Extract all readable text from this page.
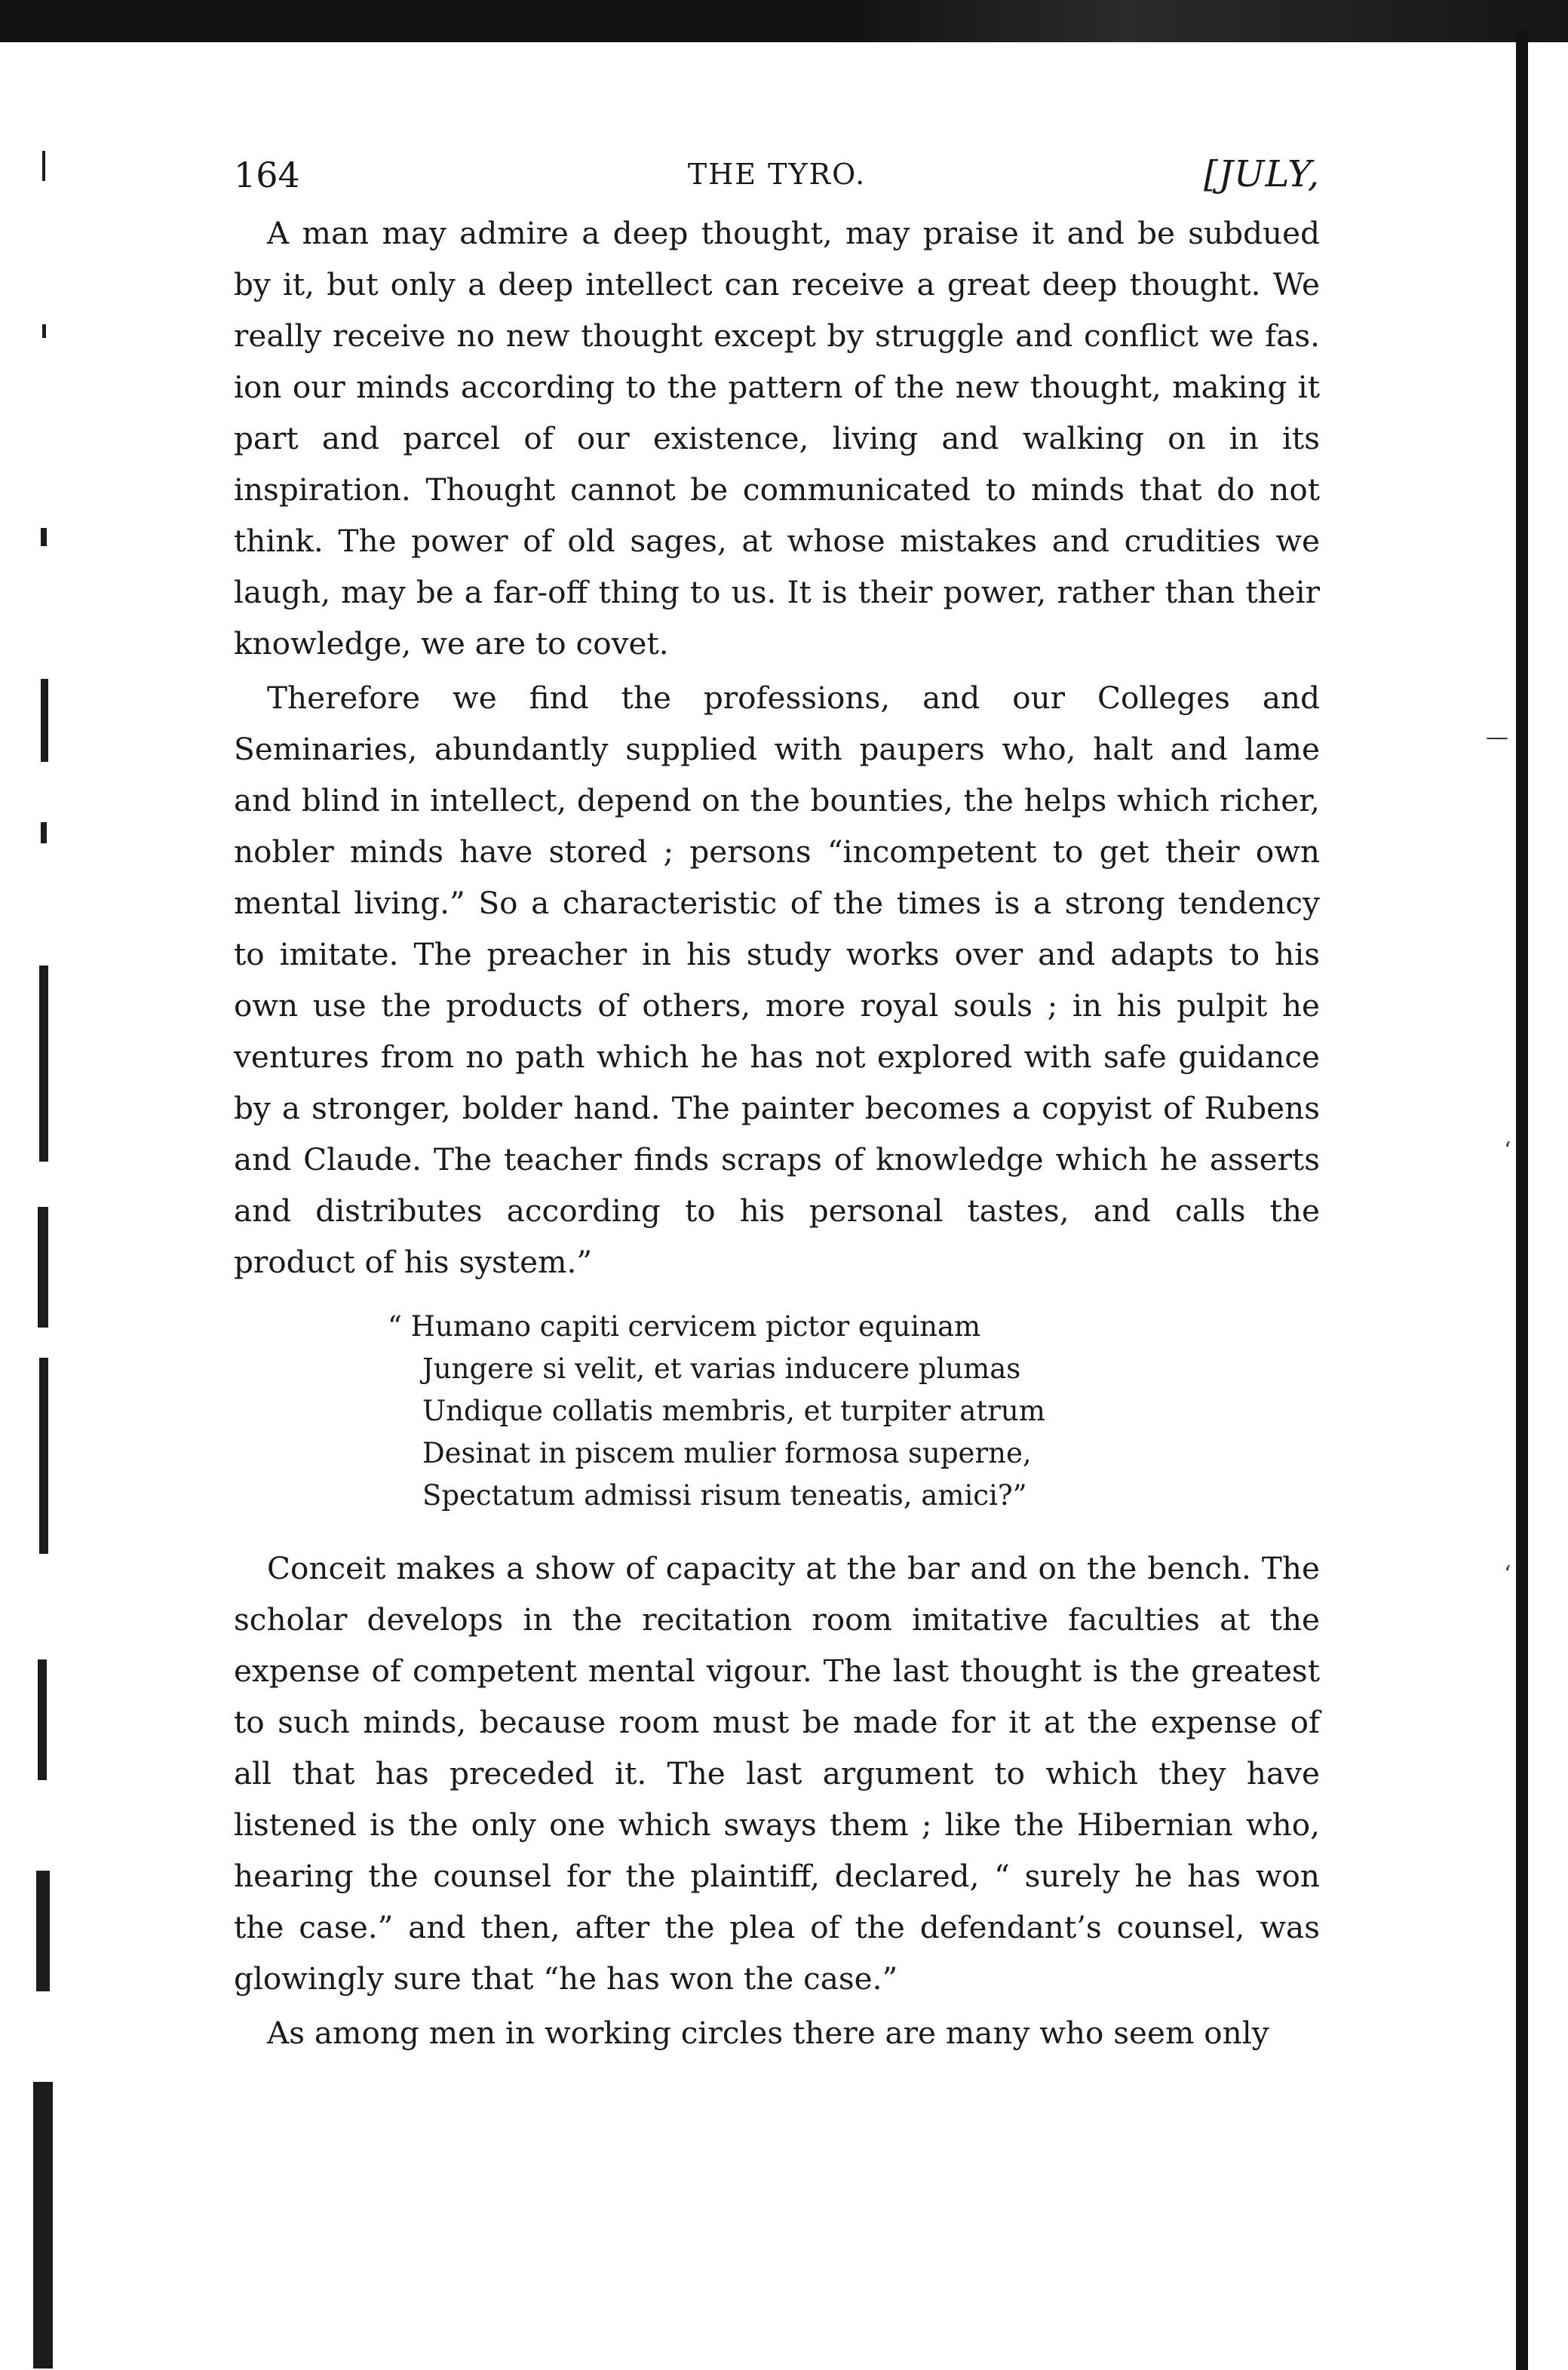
—
‘
‘
164	THE TYRO.	[JULY,

A man may admire a deep thought, may praise it and be subdued by it, but only a deep intellect can receive a great deep thought. We really receive no new thought except by struggle and conflict we fas. ion our minds according to the pattern of the new thought, making it part and parcel of our existence, living and walking on in its inspiration. Thought cannot be communicated to minds that do not think. The power of old sages, at whose mistakes and crudities we laugh, may be a far-off thing to us. It is their power, rather than their knowledge, we are to covet.

Therefore we find the professions, and our Colleges and Seminaries, abundantly supplied with paupers who, halt and lame and blind in intellect, depend on the bounties, the helps which richer, nobler minds have stored ; persons “incompetent to get their own mental living.” So a characteristic of the times is a strong tendency to imitate. The preacher in his study works over and adapts to his own use the products of others, more royal souls ; in his pulpit he ventures from no path which he has not explored with safe guidance by a stronger, bolder hand. The painter becomes a copyist of Rubens and Claude. The teacher finds scraps of knowledge which he asserts and distributes according to his personal tastes, and calls the product of his system.”

“ Humano capiti cervicem pictor equinam
Jungere si velit, et varias inducere plumas
Undique collatis membris, et turpiter atrum
Desinat in piscem mulier formosa superne,
Spectatum admissi risum teneatis, amici?”

Conceit makes a show of capacity at the bar and on the bench. The scholar develops in the recitation room imitative faculties at the expense of competent mental vigour. The last thought is the greatest to such minds, because room must be made for it at the expense of all that has preceded it. The last argument to which they have listened is the only one which sways them ; like the Hibernian who, hearing the counsel for the plaintiff, declared, “ surely he has won the case.” and then, after the plea of the defendant’s counsel, was glowingly sure that “he has won the case.”

As among men in working circles there are many who seem only
